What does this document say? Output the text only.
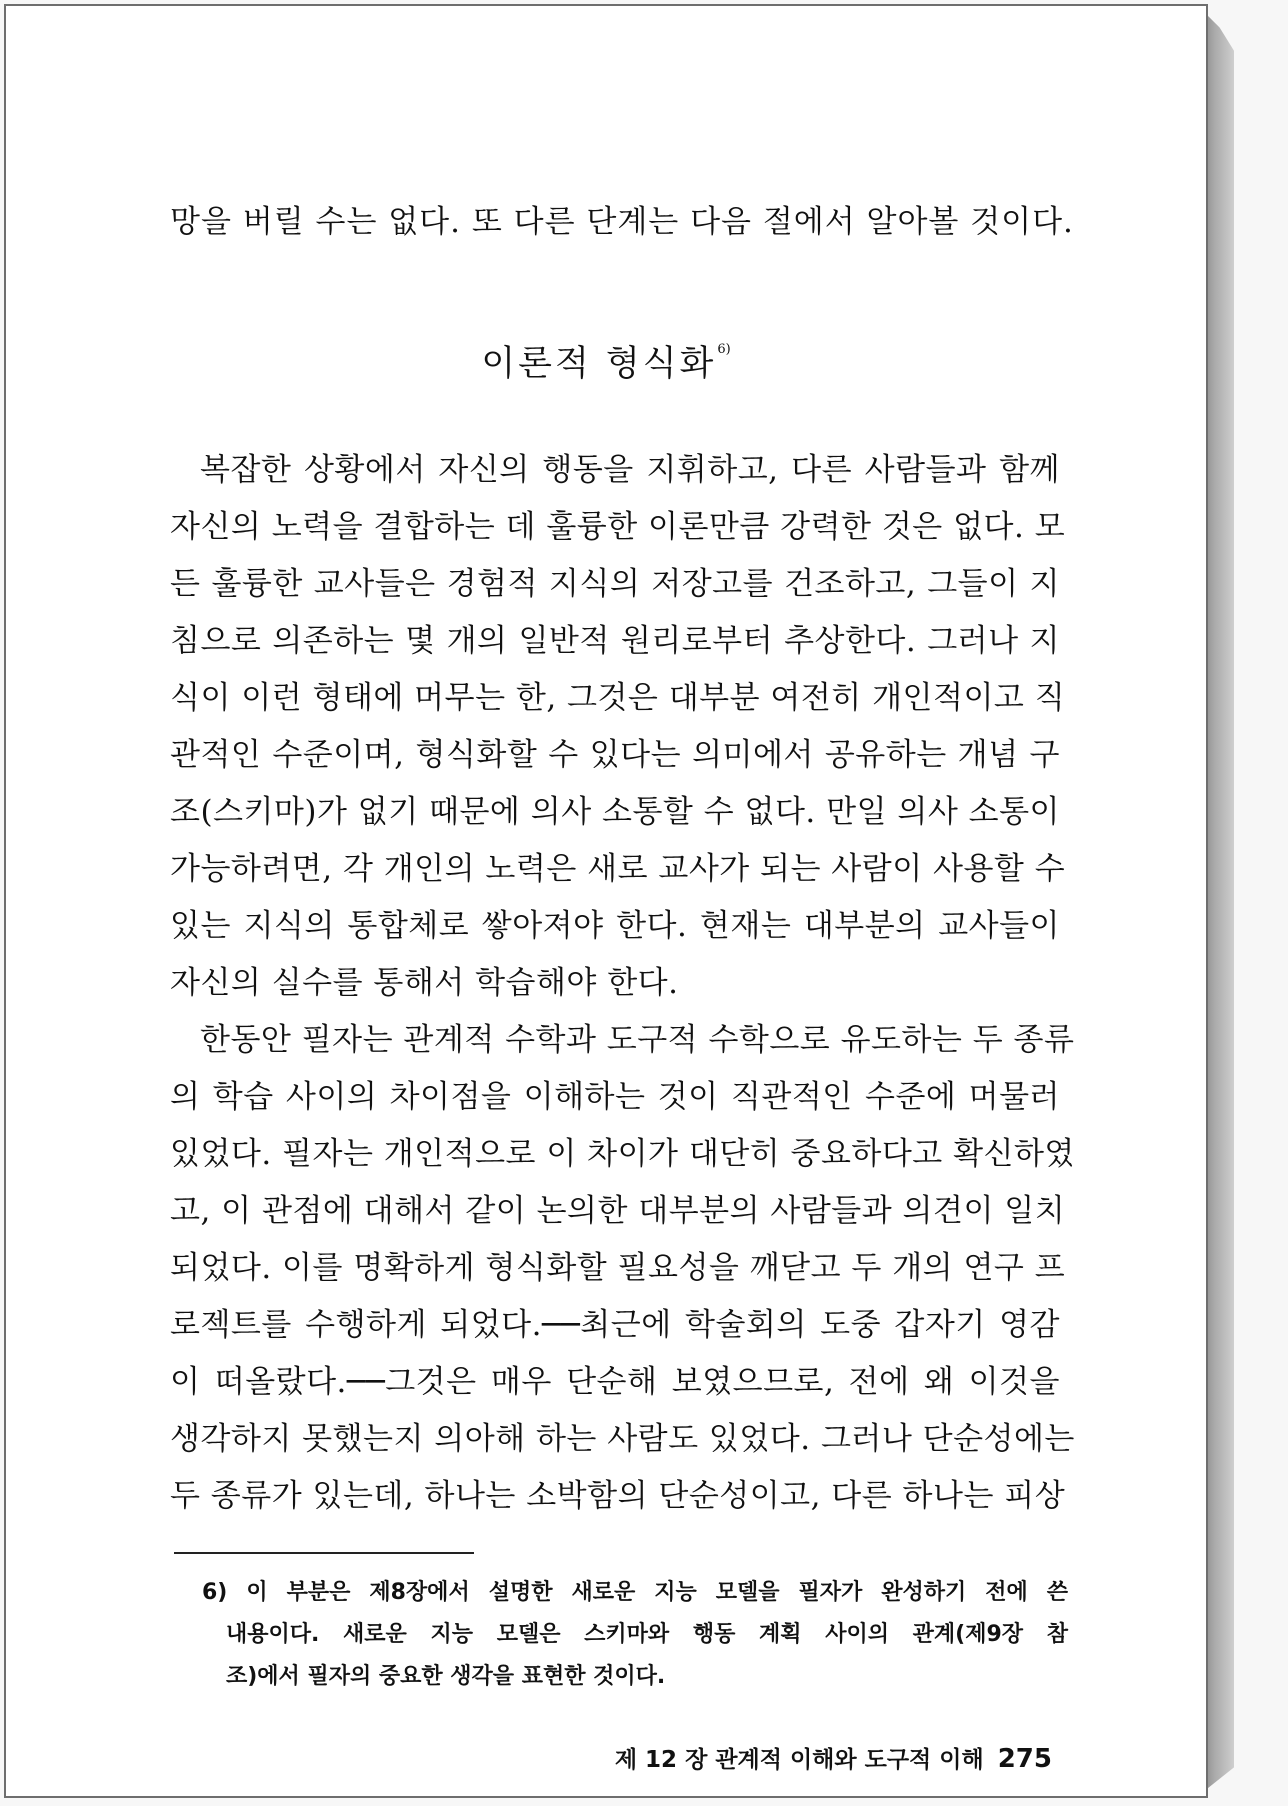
망을 버릴 수는 없다. 또 다른 단계는 다음 절에서 알아볼 것이다.
이론적 형식화$^{6)}$
복잡한 상황에서 자신의 행동을 지휘하고, 다른 사람들과 함께
자신의 노력을 결합하는 데 훌륭한 이론만큼 강력한 것은 없다. 모
든 훌륭한 교사들은 경험적 지식의 저장고를 건조하고, 그들이 지
침으로 의존하는 몇 개의 일반적 원리로부터 추상한다. 그러나 지
식이 이런 형태에 머무는 한, 그것은 대부분 여전히 개인적이고 직
관적인 수준이며, 형식화할 수 있다는 의미에서 공유하는 개념 구
조(스키마)가 없기 때문에 의사 소통할 수 없다. 만일 의사 소통이
가능하려면, 각 개인의 노력은 새로 교사가 되는 사람이 사용할 수
있는 지식의 통합체로 쌓아져야 한다. 현재는 대부분의 교사들이
자신의 실수를 통해서 학습해야 한다.
한동안 필자는 관계적 수학과 도구적 수학으로 유도하는 두 종류
의 학습 사이의 차이점을 이해하는 것이 직관적인 수준에 머물러
있었다. 필자는 개인적으로 이 차이가 대단히 중요하다고 확신하였
고, 이 관점에 대해서 같이 논의한 대부분의 사람들과 의견이 일치
되었다. 이를 명확하게 형식화할 필요성을 깨닫고 두 개의 연구 프
로젝트를 수행하게 되었다.──최근에 학술회의 도중 갑자기 영감
이 떠올랐다.──그것은 매우 단순해 보였으므로, 전에 왜 이것을
생각하지 못했는지 의아해 하는 사람도 있었다. 그러나 단순성에는
두 종류가 있는데, 하나는 소박함의 단순성이고, 다른 하나는 피상
6) 이 부분은 제8장에서 설명한 새로운 지능 모델을 필자가 완성하기 전에 쓴
내용이다. 새로운 지능 모델은 스키마와 행동 계획 사이의 관계(제9장 참
조)에서 필자의 중요한 생각을 표현한 것이다.
제 12 장 관계적 이해와 도구적 이해 275
